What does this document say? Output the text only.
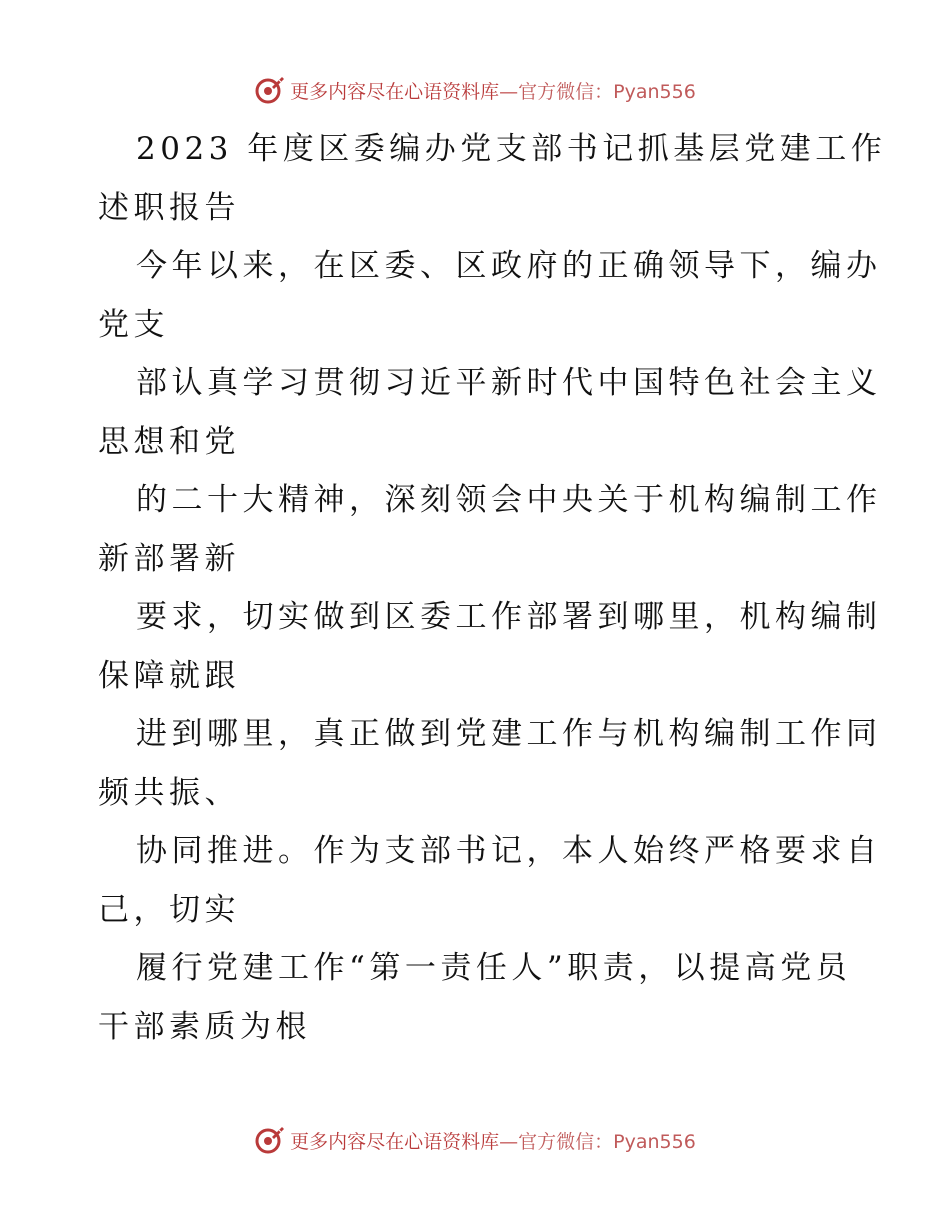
更多内容尽在心语资料库—官方微信：Pyan556
2023 年度区委编办党支部书记抓基层党建工作
述职报告
今年以来，在区委、区政府的正确领导下，编办
党支
部认真学习贯彻习近平新时代中国特色社会主义
思想和党
的二十大精神，深刻领会中央关于机构编制工作
新部署新
要求，切实做到区委工作部署到哪里，机构编制
保障就跟
进到哪里，真正做到党建工作与机构编制工作同
频共振、
协同推进。作为支部书记，本人始终严格要求自
己，切实
履行党建工作“第一责任人”职责，以提高党员
干部素质为根
更多内容尽在心语资料库—官方微信：Pyan556
